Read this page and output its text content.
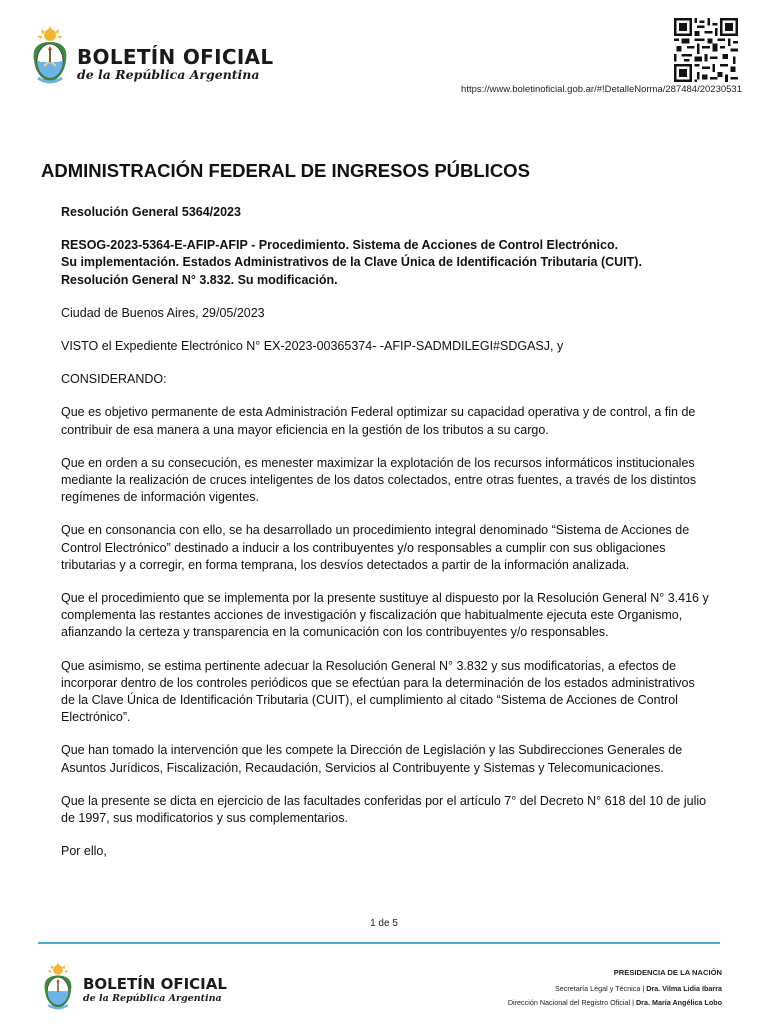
BOLETÍN OFICIAL
de la República Argentina
https://www.boletinoficial.gob.ar/#!DetalleNorma/287484/20230531
ADMINISTRACIÓN FEDERAL DE INGRESOS PÚBLICOS

Resolución General 5364/2023

RESOG-2023-5364-E-AFIP-AFIP - Procedimiento. Sistema de Acciones de Control Electrónico.
Su implementación. Estados Administrativos de la Clave Única de Identificación Tributaria (CUIT).
Resolución General N° 3.832. Su modificación.

Ciudad de Buenos Aires, 29/05/2023

VISTO el Expediente Electrónico N° EX-2023-00365374- -AFIP-SADMDILEGI#SDGASJ, y

CONSIDERANDO:

Que es objetivo permanente de esta Administración Federal optimizar su capacidad operativa y de control, a fin de contribuir de esa manera a una mayor eficiencia en la gestión de los tributos a su cargo.

Que en orden a su consecución, es menester maximizar la explotación de los recursos informáticos institucionales mediante la realización de cruces inteligentes de los datos colectados, entre otras fuentes, a través de los distintos regímenes de información vigentes.

Que en consonancia con ello, se ha desarrollado un procedimiento integral denominado “Sistema de Acciones de Control Electrónico” destinado a inducir a los contribuyentes y/o responsables a cumplir con sus obligaciones tributarias y a corregir, en forma temprana, los desvíos detectados a partir de la información analizada.

Que el procedimiento que se implementa por la presente sustituye al dispuesto por la Resolución General N° 3.416 y complementa las restantes acciones de investigación y fiscalización que habitualmente ejecuta este Organismo, afianzando la certeza y transparencia en la comunicación con los contribuyentes y/o responsables.

Que asimismo, se estima pertinente adecuar la Resolución General N° 3.832 y sus modificatorias, a efectos de incorporar dentro de los controles periódicos que se efectúan para la determinación de los estados administrativos de la Clave Única de Identificación Tributaria (CUIT), el cumplimiento al citado “Sistema de Acciones de Control Electrónico”.

Que han tomado la intervención que les compete la Dirección de Legislación y las Subdirecciones Generales de Asuntos Jurídicos, Fiscalización, Recaudación, Servicios al Contribuyente y Sistemas y Telecomunicaciones.

Que la presente se dicta en ejercicio de las facultades conferidas por el artículo 7° del Decreto N° 618 del 10 de julio de 1997, sus modificatorios y sus complementarios.

Por ello,

1 de 5
BOLETÍN OFICIAL
de la República Argentina
PRESIDENCIA DE LA NACIÓN
Secretaría Legal y Técnica | Dra. Vilma Lidia Ibarra
Dirección Nacional del Registro Oficial | Dra. María Angélica Lobo
